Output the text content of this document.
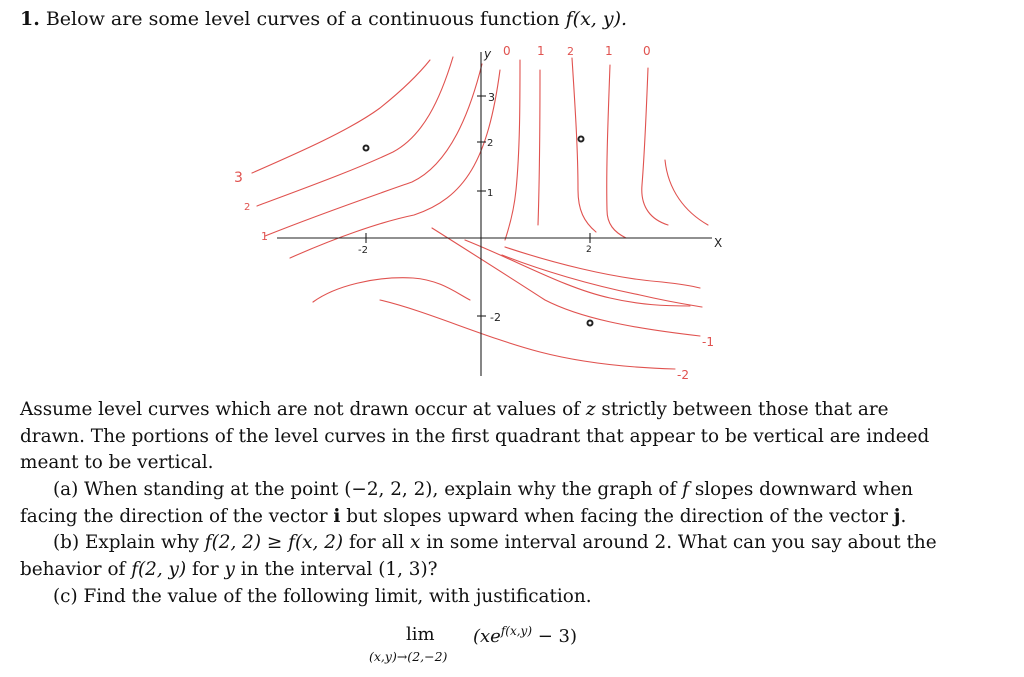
1. Below are some level curves of a continuous function f(x, y).
X
y
-2	2
3
2
1
-2
0 1 2	1	0
3
2
1
-1
-2

Assume level curves which are not drawn occur at values of z strictly between those that are drawn. The portions of the level curves in the first quadrant that appear to be vertical are indeed meant to be vertical.

(a) When standing at the point (−2, 2, 2), explain why the graph of f slopes downward when facing the direction of the vector i but slopes upward when facing the direction of the vector j.

(b) Explain why f(2, 2) ≥ f(x, 2) for all x in some interval around 2. What can you say about the behavior of f(2, y) for y in the interval (1, 3)?

(c) Find the value of the following limit, with justification.

lim
(x,y)→(2,−2)
$(xe^{f(x,y)} - 3)$
